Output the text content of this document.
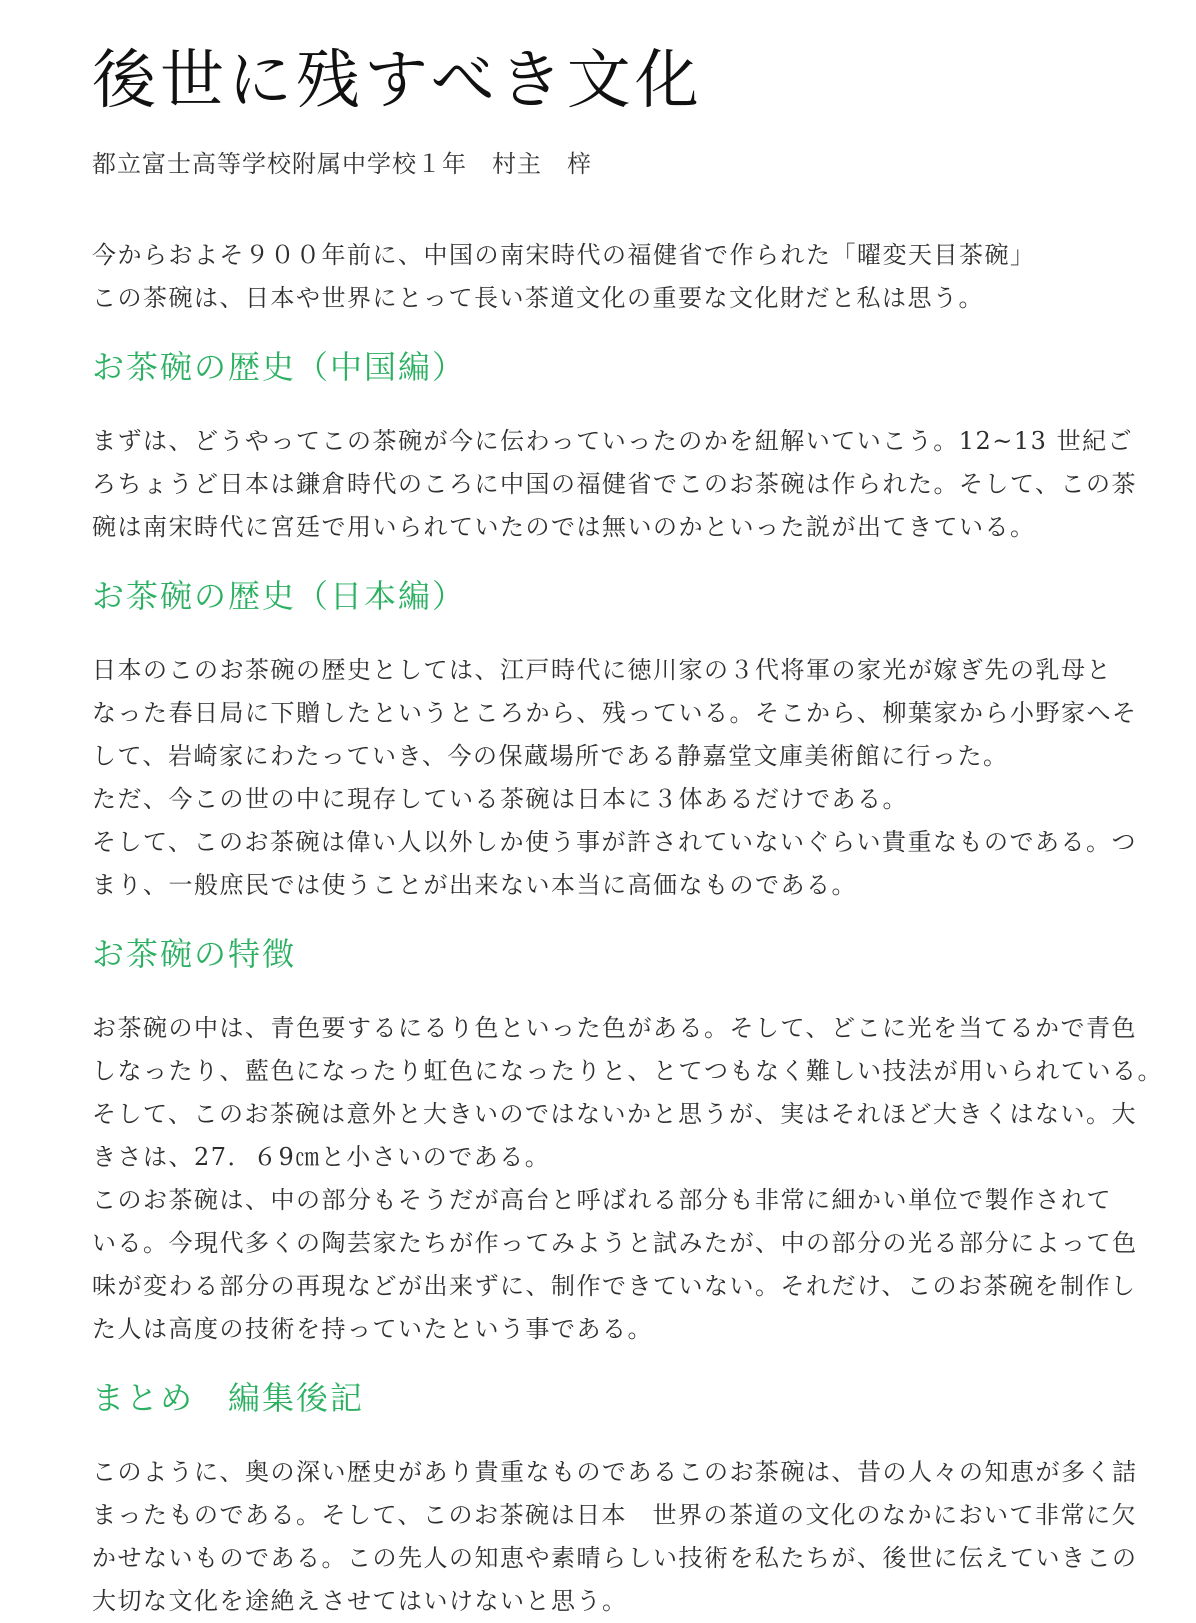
後世に残すべき文化

都立富士高等学校附属中学校１年　村主　梓

今からおよそ９００年前に、中国の南宋時代の福健省で作られた「曜変天目茶碗」

この茶碗は、日本や世界にとって長い茶道文化の重要な文化財だと私は思う。

お茶碗の歴史（中国編）

まずは、どうやってこの茶碗が今に伝わっていったのかを紐解いていこう。12~13 世紀ご

ろちょうど日本は鎌倉時代のころに中国の福健省でこのお茶碗は作られた。そして、この茶

碗は南宋時代に宮廷で用いられていたのでは無いのかといった説が出てきている。

お茶碗の歴史（日本編）

日本のこのお茶碗の歴史としては、江戸時代に徳川家の３代将軍の家光が嫁ぎ先の乳母と

なった春日局に下贈したというところから、残っている。そこから、柳葉家から小野家へそ

して、岩崎家にわたっていき、今の保蔵場所である静嘉堂文庫美術館に行った。

ただ、今この世の中に現存している茶碗は日本に３体あるだけである。

そして、このお茶碗は偉い人以外しか使う事が許されていないぐらい貴重なものである。つ

まり、一般庶民では使うことが出来ない本当に高価なものである。

お茶碗の特徴

お茶碗の中は、青色要するにるり色といった色がある。そして、どこに光を当てるかで青色

しなったり、藍色になったり虹色になったりと、とてつもなく難しい技法が用いられている。

そして、このお茶碗は意外と大きいのではないかと思うが、実はそれほど大きくはない。大

きさは、27．６9㎝と小さいのである。

このお茶碗は、中の部分もそうだが高台と呼ばれる部分も非常に細かい単位で製作されて

いる。今現代多くの陶芸家たちが作ってみようと試みたが、中の部分の光る部分によって色

味が変わる部分の再現などが出来ずに、制作できていない。それだけ、このお茶碗を制作し

た人は高度の技術を持っていたという事である。

まとめ　編集後記

このように、奥の深い歴史があり貴重なものであるこのお茶碗は、昔の人々の知恵が多く詰

まったものである。そして、このお茶碗は日本　世界の茶道の文化のなかにおいて非常に欠

かせないものである。この先人の知恵や素晴らしい技術を私たちが、後世に伝えていきこの

大切な文化を途絶えさせてはいけないと思う。
